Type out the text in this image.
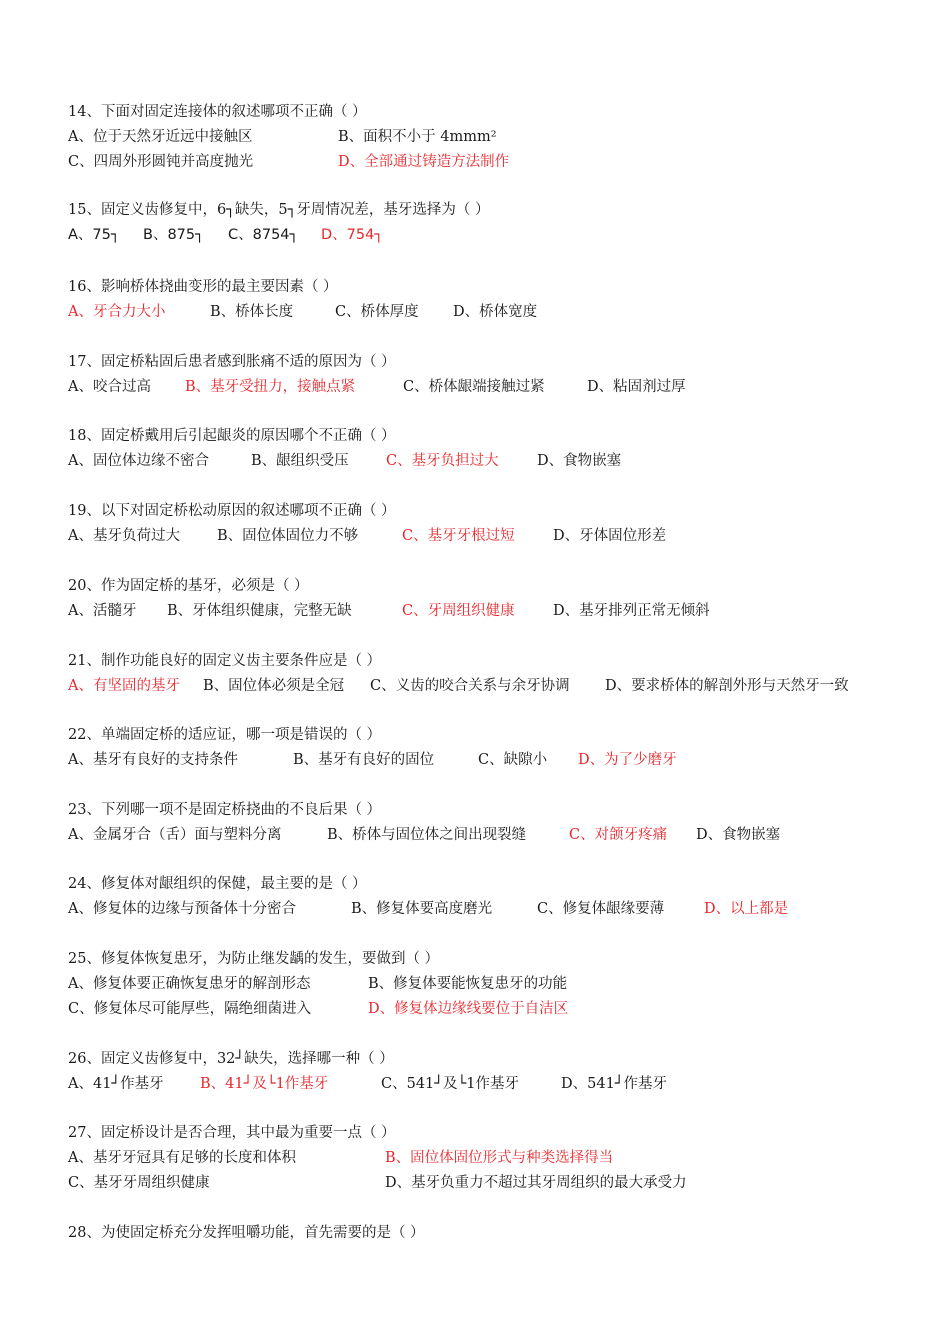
14、下面对固定连接体的叙述哪项不正确（ ）
A、位于天然牙近远中接触区	B、面积不小于 4mmm²
C、四周外形圆钝并高度抛光	D、全部通过铸造方法制作
15、固定义齿修复中，6┐缺失，5┐牙周情况差，基牙选择为（ ）
A、75┐ B、875┐ C、8754┐ D、754┐
16、影响桥体挠曲变形的最主要因素（ ）
A、牙合力大小	B、桥体长度	C、桥体厚度 D、桥体宽度
17、固定桥粘固后患者感到胀痛不适的原因为（ ）
A、咬合过高 B、基牙受扭力，接触点紧	C、桥体龈端接触过紧	D、粘固剂过厚
18、固定桥戴用后引起龈炎的原因哪个不正确（ ）
A、固位体边缘不密合	B、龈组织受压	C、基牙负担过大	D、食物嵌塞
19、以下对固定桥松动原因的叙述哪项不正确（ ）
A、基牙负荷过大	B、固位体固位力不够	C、基牙牙根过短	D、牙体固位形差
20、作为固定桥的基牙，必须是（ ）
A、活髓牙 B、牙体组织健康，完整无缺	C、牙周组织健康	D、基牙排列正常无倾斜
21、制作功能良好的固定义齿主要条件应是（ ）
A、有坚固的基牙 B、固位体必须是全冠 C、义齿的咬合关系与余牙协调 D、要求桥体的解剖外形与天然牙一致
22、单端固定桥的适应证，哪一项是错误的（ ）
A、基牙有良好的支持条件	B、基牙有良好的固位	C、缺隙小 D、为了少磨牙
23、下列哪一项不是固定桥挠曲的不良后果（ ）
A、金属牙合（舌）面与塑料分离	B、桥体与固位体之间出现裂缝	C、对颌牙疼痛 D、食物嵌塞
24、修复体对龈组织的保健，最主要的是（ ）
A、修复体的边缘与预备体十分密合	B、修复体要高度磨光	C、修复体龈缘要薄	D、以上都是
25、修复体恢复患牙，为防止继发龋的发生，要做到（ ）
A、修复体要正确恢复患牙的解剖形态	B、修复体要能恢复患牙的功能
C、修复体尽可能厚些，隔绝细菌进入	D、修复体边缘线要位于自洁区
26、固定义齿修复中，32┘缺失，选择哪一种（ ）
A、41┘作基牙	B、41┘及└1作基牙	C、541┘及└1作基牙	D、541┘作基牙
27、固定桥设计是否合理，其中最为重要一点（ ）
A、基牙牙冠具有足够的长度和体积	B、固位体固位形式与种类选择得当
C、基牙牙周组织健康	D、基牙负重力不超过其牙周组织的最大承受力
28、为使固定桥充分发挥咀嚼功能，首先需要的是（ ）
